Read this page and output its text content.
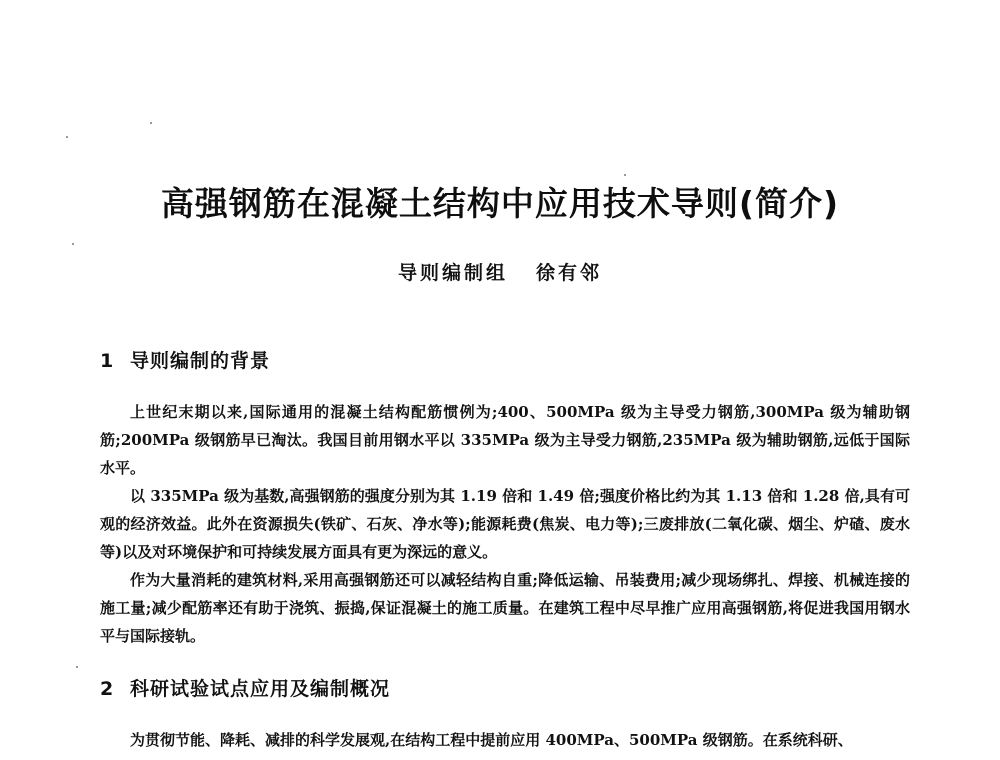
高强钢筋在混凝土结构中应用技术导则(简介)
导则编制组 徐有邻
1 导则编制的背景

上世纪末期以来,国际通用的混凝土结构配筋惯例为;400、500MPa 级为主导受力钢筋,300MPa 级为辅助钢筋;200MPa 级钢筋早已淘汰。我国目前用钢水平以 335MPa 级为主导受力钢筋,235MPa 级为辅助钢筋,远低于国际水平。

以 335MPa 级为基数,高强钢筋的强度分别为其 1.19 倍和 1.49 倍;强度价格比约为其 1.13 倍和 1.28 倍,具有可观的经济效益。此外在资源损失(铁矿、石灰、净水等);能源耗费(焦炭、电力等);三废排放(二氧化碳、烟尘、炉碴、废水等)以及对环境保护和可持续发展方面具有更为深远的意义。

作为大量消耗的建筑材料,采用高强钢筋还可以减轻结构自重;降低运输、吊装费用;减少现场绑扎、焊接、机械连接的施工量;减少配筋率还有助于浇筑、振捣,保证混凝土的施工质量。在建筑工程中尽早推广应用高强钢筋,将促进我国用钢水平与国际接轨。

2 科研试验试点应用及编制概况

为贯彻节能、降耗、减排的科学发展观,在结构工程中提前应用 400MPa、500MPa 级钢筋。在系统科研、
